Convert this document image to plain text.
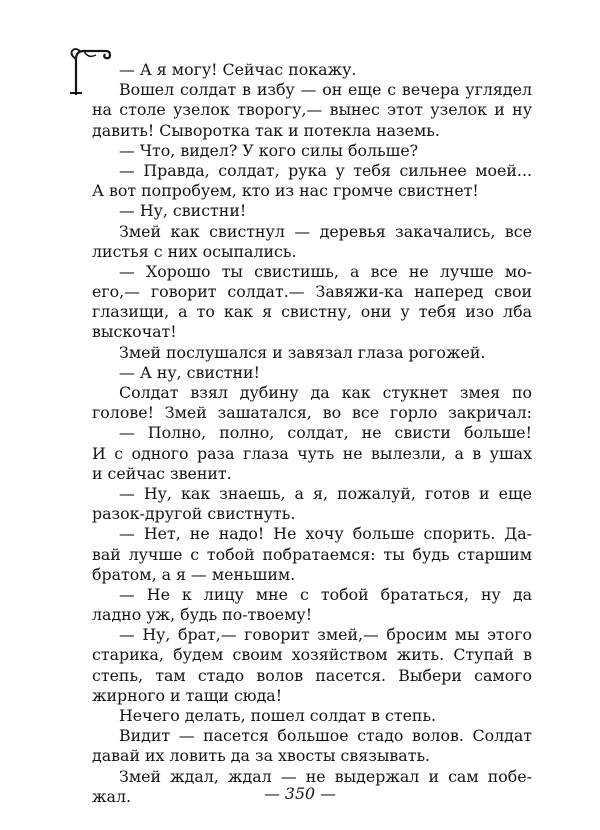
— А я могу! Сейчас покажу.
Вошел солдат в избу — он еще с вечера углядел
на столе узелок творогу,— вынес этот узелок и ну
давить! Сыворотка так и потекла наземь.
— Что, видел? У кого силы больше?
— Правда, солдат, рука у тебя сильнее моей...
А вот попробуем, кто из нас громче свистнет!
— Ну, свистни!
Змей как свистнул — деревья закачались, все
листья с них осыпались.
— Хорошо ты свистишь, а все не лучше мо-
его,— говорит солдат.— Завяжи-ка наперед свои
глазищи, а то как я свистну, они у тебя изо лба
выскочат!
Змей послушался и завязал глаза рогожей.
— А ну, свистни!
Солдат взял дубину да как стукнет змея по
голове! Змей зашатался, во все горло закричал:
— Полно, полно, солдат, не свисти больше!
И с одного раза глаза чуть не вылезли, а в ушах
и сейчас звенит.
— Ну, как знаешь, а я, пожалуй, готов и еще
разок-другой свистнуть.
— Нет, не надо! Не хочу больше спорить. Да-
вай лучше с тобой побратаемся: ты будь старшим
братом, а я — меньшим.
— Не к лицу мне с тобой брататься, ну да
ладно уж, будь по-твоему!
— Ну, брат,— говорит змей,— бросим мы этого
старика, будем своим хозяйством жить. Ступай в
степь, там стадо волов пасется. Выбери самого
жирного и тащи сюда!
Нечего делать, пошел солдат в степь.
Видит — пасется большое стадо волов. Солдат
давай их ловить да за хвосты связывать.
Змей ждал, ждал — не выдержал и сам побе-
жал.	— 350 —
